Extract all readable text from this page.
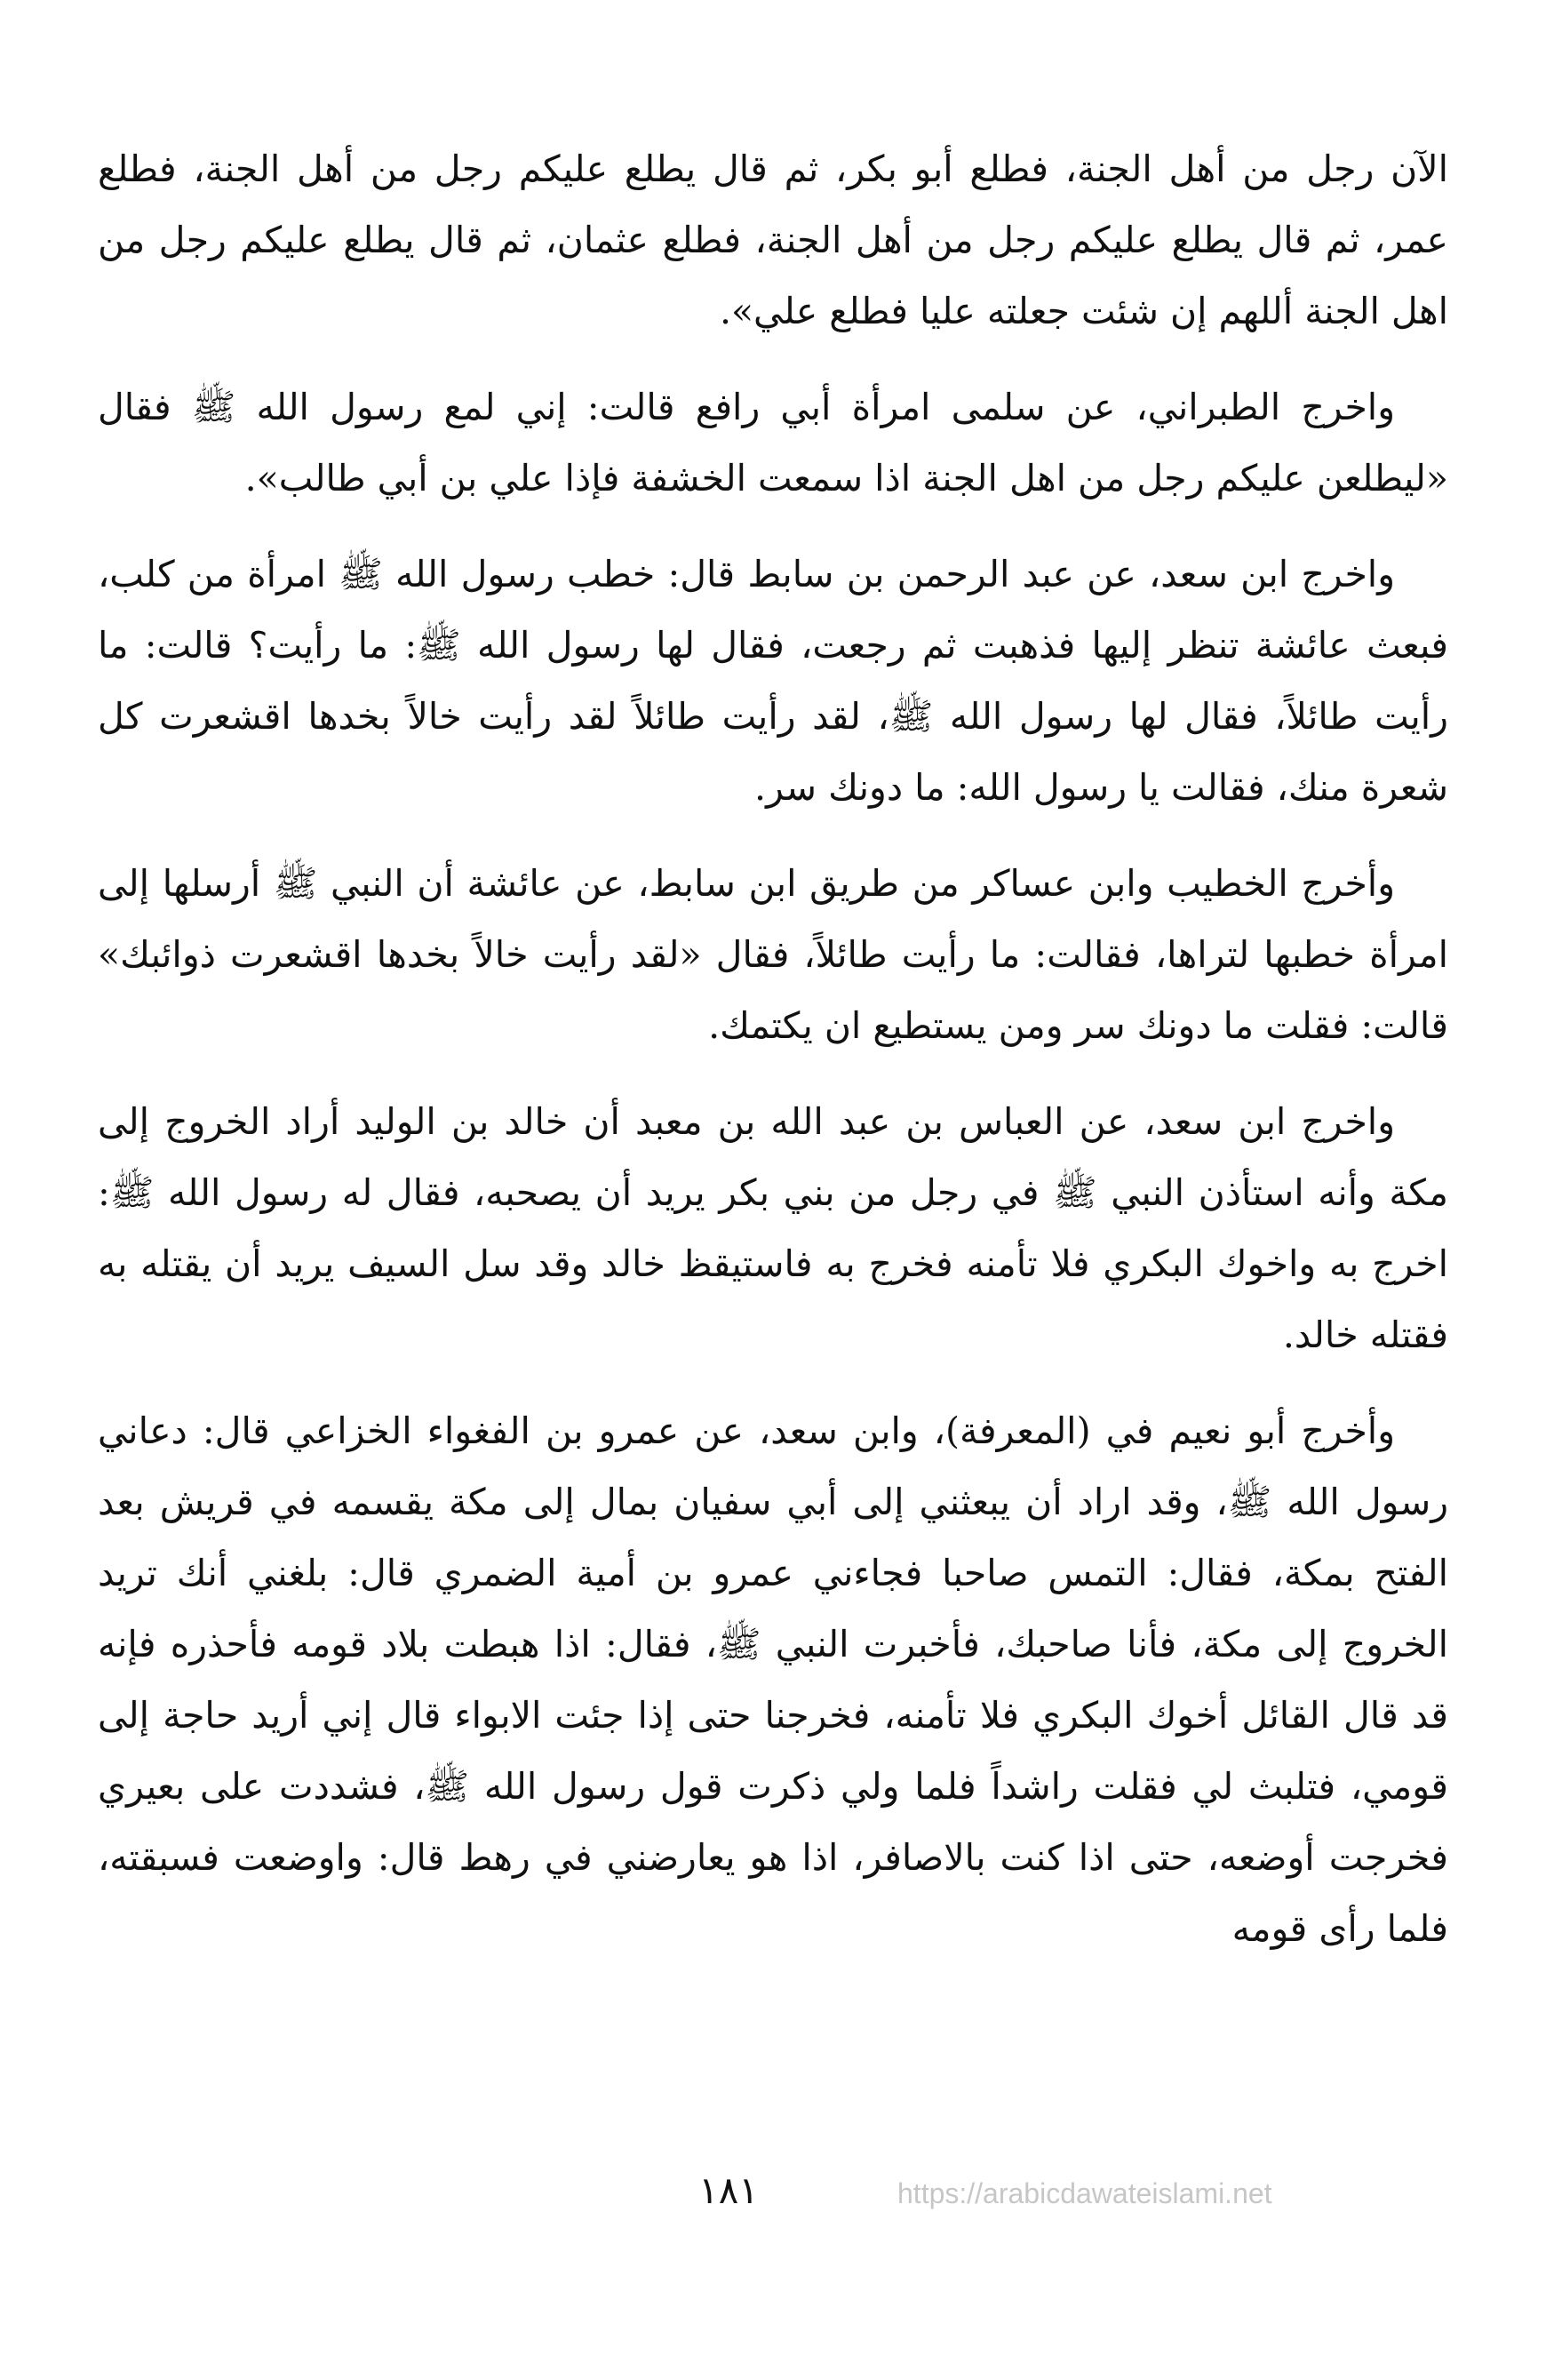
الآن رجل من أهل الجنة، فطلع أبو بكر، ثم قال يطلع عليكم رجل من أهل الجنة، فطلع عمر، ثم قال يطلع عليكم رجل من أهل الجنة، فطلع عثمان، ثم قال يطلع عليكم رجل من اهل الجنة أللهم إن شئت جعلته عليا فطلع علي».

واخرج الطبراني، عن سلمى امرأة أبي رافع قالت: إني لمع رسول الله ﷺ فقال «ليطلعن عليكم رجل من اهل الجنة اذا سمعت الخشفة فإذا علي بن أبي طالب».

واخرج ابن سعد، عن عبد الرحمن بن سابط قال: خطب رسول الله ﷺ امرأة من كلب، فبعث عائشة تنظر إليها فذهبت ثم رجعت، فقال لها رسول الله ﷺ: ما رأيت؟ قالت: ما رأيت طائلاً، فقال لها رسول الله ﷺ، لقد رأيت طائلاً لقد رأيت خالاً بخدها اقشعرت كل شعرة منك، فقالت يا رسول الله: ما دونك سر.

وأخرج الخطيب وابن عساكر من طريق ابن سابط، عن عائشة أن النبي ﷺ أرسلها إلى امرأة خطبها لتراها، فقالت: ما رأيت طائلاً، فقال «لقد رأيت خالاً بخدها اقشعرت ذوائبك» قالت: فقلت ما دونك سر ومن يستطيع ان يكتمك.

واخرج ابن سعد، عن العباس بن عبد الله بن معبد أن خالد بن الوليد أراد الخروج إلى مكة وأنه استأذن النبي ﷺ في رجل من بني بكر يريد أن يصحبه، فقال له رسول الله ﷺ: اخرج به واخوك البكري فلا تأمنه فخرج به فاستيقظ خالد وقد سل السيف يريد أن يقتله به فقتله خالد.

وأخرج أبو نعيم في (المعرفة)، وابن سعد، عن عمرو بن الفغواء الخزاعي قال: دعاني رسول الله ﷺ، وقد اراد أن يبعثني إلى أبي سفيان بمال إلى مكة يقسمه في قريش بعد الفتح بمكة، فقال: التمس صاحبا فجاءني عمرو بن أمية الضمري قال: بلغني أنك تريد الخروج إلى مكة، فأنا صاحبك، فأخبرت النبي ﷺ، فقال: اذا هبطت بلاد قومه فأحذره فإنه قد قال القائل أخوك البكري فلا تأمنه، فخرجنا حتى إذا جئت الابواء قال إني أريد حاجة إلى قومي، فتلبث لي فقلت راشداً فلما ولي ذكرت قول رسول الله ﷺ، فشددت على بعيري فخرجت أوضعه، حتى اذا كنت بالاصافر، اذا هو يعارضني في رهط قال: واوضعت فسبقته، فلما رأى قومه

١٨١	https://arabicdawateislami.net
